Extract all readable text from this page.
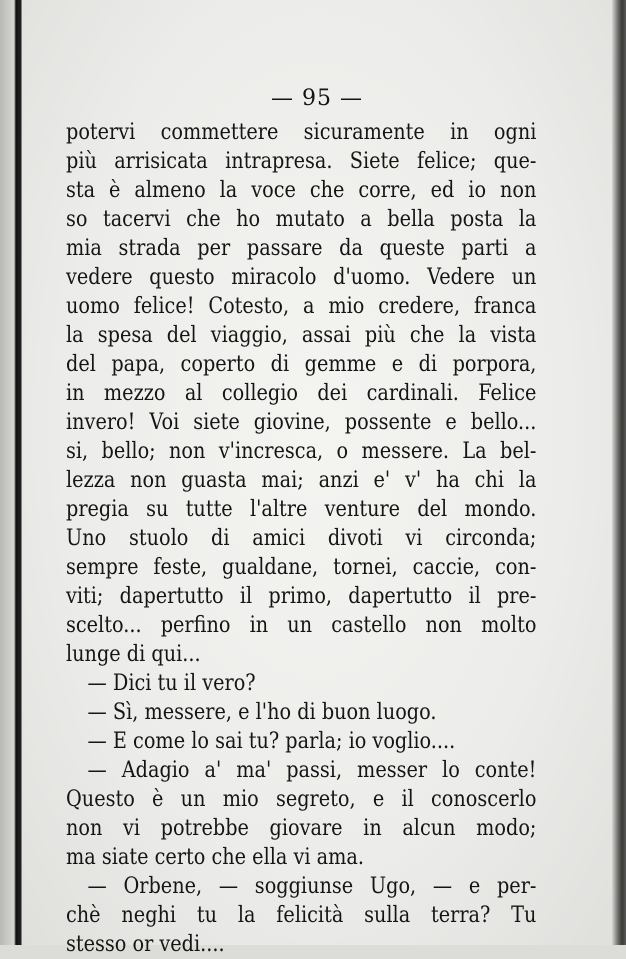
— 95 —
potervi commettere sicuramente in ogni
più arrisicata intrapresa. Siete felice; que-
sta è almeno la voce che corre, ed io non
so tacervi che ho mutato a bella posta la
mia strada per passare da queste parti a
vedere questo miracolo d'uomo. Vedere un
uomo felice! Cotesto, a mio credere, franca
la spesa del viaggio, assai più che la vista
del papa, coperto di gemme e di porpora,
in mezzo al collegio dei cardinali. Felice
invero! Voi siete giovine, possente e bello...
si, bello; non v'increscа, o messere. La bel-
lezza non guasta mai; anzi e' v' ha chi la
pregia su tutte l'altre venture del mondo.
Uno stuolo di amici divoti vi circonda;
sempre feste, gualdane, tornei, caccie, con-
viti; dapertutto il primo, dapertutto il pre-
scelto... perfino in un castello non molto
lunge di qui...
— Dici tu il vero?
— Sì, messere, e l'ho di buon luogo.
— E come lo sai tu? parla; io voglio....
— Adagio a' ma' passi, messer lo conte!
Questo è un mio segreto, e il conoscerlo
non vi potrebbe giovare in alcun modo;
ma siate certo che ella vi ama.
— Orbene, — soggiunse Ugo, — e per-
chè neghi tu la felicità sulla terra? Tu
stesso or vedi....
